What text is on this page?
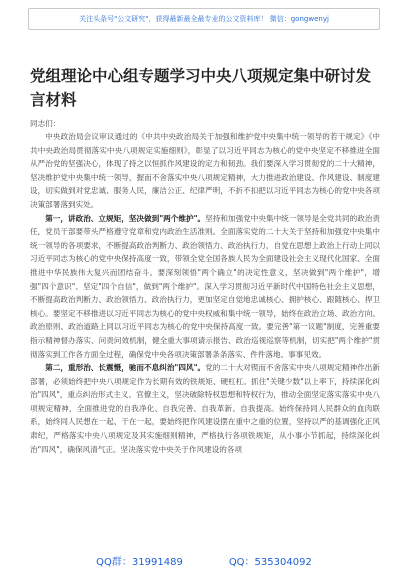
关注头条号"公文研究"，获得最新最全最专业的公文资料库！ 微信：gongwenyj
党组理论中心组专题学习中央八项规定集中研讨发言材料
同志们：

中央政治局会议审议通过的《中共中央政治局关于加强和维护党中央集中统一领导的若干规定》《中共中央政治局贯彻落实中央八项规定实施细则》，彰显了以习近平同志为核心的党中央坚定不移推进全面从严治党的坚强决心，体现了持之以恒抓作风建设的定力和韧劲。我们要深入学习贯彻党的二十大精神，坚决维护党中央集中统一领导，握而不舍落实中央八项规定精神，大力推进政治建设、作风建设、制度建设，切实做到对党忠诚、服务人民，廉洁公正、纪律严明，不折不扣把以习近平同志为核心的党中央各项决策部署落到实处。

第一，讲政治、立规矩，坚决做到"两个维护"。坚持和加强党中央集中统一领导是全党共同的政治责任，党员干部要带头严格遵守党章和党内政治生活准则。全面落实党的二十大关于坚持和加强党中央集中统一领导的各项要求，不断提高政治判断力、政治领悟力、政治执行力，自觉在思想上政治上行动上同以习近平同志为核心的党中央保持高度一致，带领全党全国各族人民为全面建设社会主义现代化国家、全面推进中华民族伟大复兴而团结奋斗。要深刻领悟"两个确立"的决定性意义，坚决做到"两个维护"，增强"四个意识"、坚定"四个自信"，做到"两个维护"。深入学习贯彻习近平新时代中国特色社会主义思想，不断提高政治判断力、政治领悟力、政治执行力，更加坚定自觉地忠诚核心、拥护核心、跟随核心、捍卫核心。要坚定不移推进以习近平同志为核心的党中央权威和集中统一领导，始终在政治立场、政治方向、政治原则、政治道路上同以习近平同志为核心的党中央保持高度一致。要完善"第一议题"制度，完善重要指示精神督办落实、问责问效机制，健全重大事项请示报告、政治巡视巡察等机制，切实把"两个维护"贯彻落实到工作各方面全过程，确保党中央各项决策部署条条落实、件件落地、事事见效。

第二，重形治、长震慑，驰而不息纠治"四风"。党的二十大对锲而不舍落实中央八项规定精神作出新部署，必须始终把中央八项规定作为长期有效的铁规矩、硬杠杠。抓住"关键少数"以上率下，持续深化纠治"四风"，重点纠治形式主义、官僚主义，坚决破除特权思想和特权行为，推动全面坚定落实落实中央八项规定精神，全面推进党的自我净化、自我完善、自我革新、自我提高。始终保持同人民群众的血肉联系，始终同人民想在一起、干在一起，要始终把作风建设摆在重中之重的位置，坚持以严的基调强化正风肃纪，严格落实中央八项规定及其实施细则精神，严格执行各项铁规矩，从小事小节抓起，持续深化纠治"四风"，确保风清气正。坚决落实党中央关于作风建设的各项

QQ群：31991489	QQ：535304092
